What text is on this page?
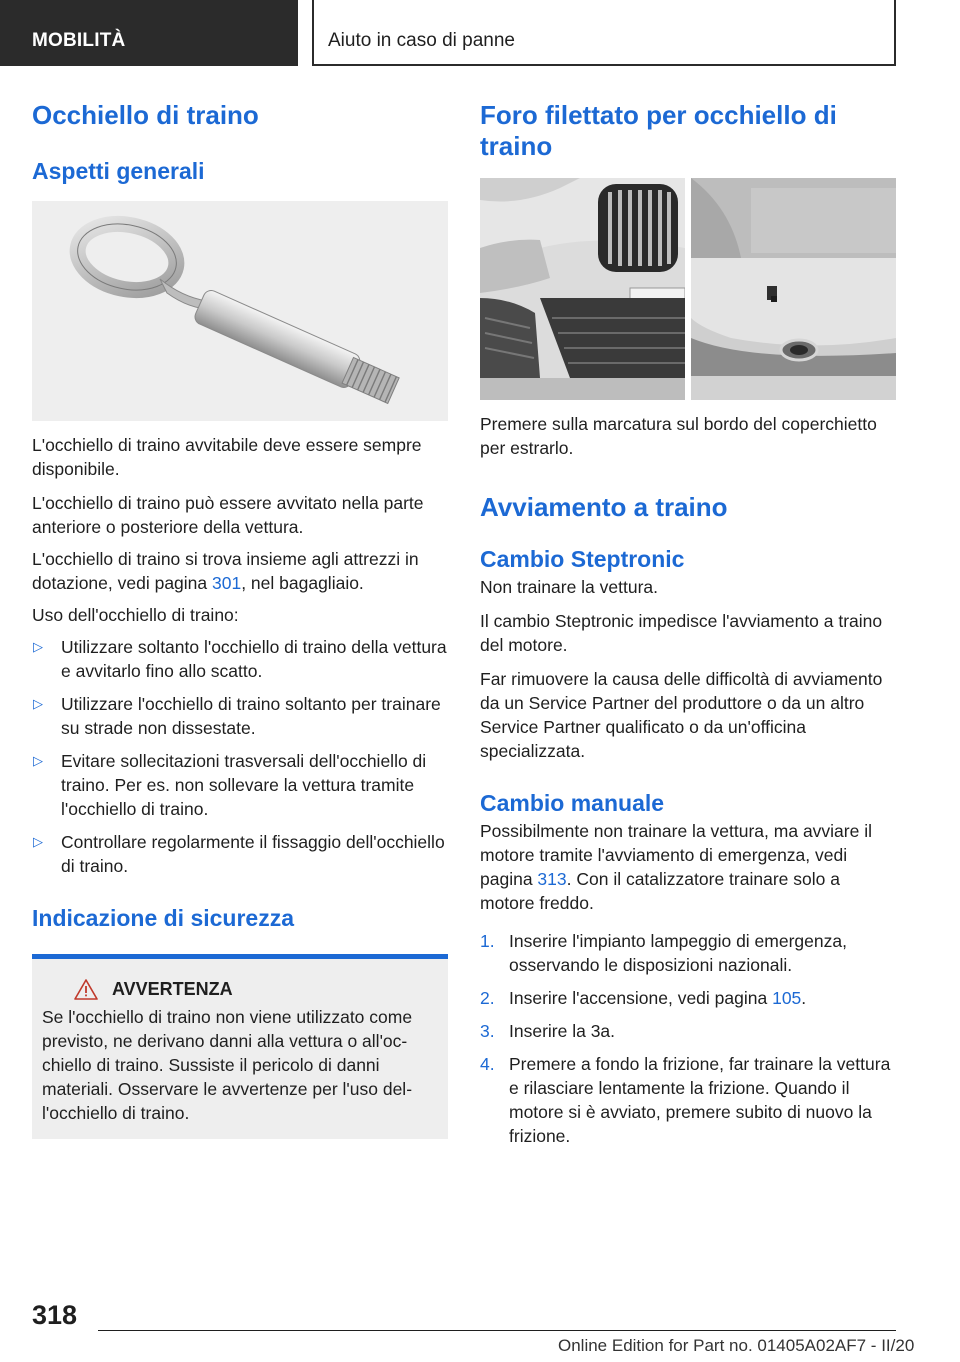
MOBILITÀ	Aiuto in caso di panne
Occhiello di traino
Aspetti generali

L'occhiello di traino avvitabile deve essere sempre disponibile.

L'occhiello di traino può essere avvitato nella parte anteriore o posteriore della vettura.

L'occhiello di traino si trova insieme agli attrezzi in dotazione, vedi pagina 301, nel bagagliaio.

Uso dell'occhiello di traino:

▷ Utilizzare soltanto l'occhiello di traino della vettura e avvitarlo fino allo scatto.
▷ Utilizzare l'occhiello di traino soltanto per trainare su strade non dissestate.
▷ Evitare sollecitazioni trasversali dell'occhiello di traino. Per es. non sollevare la vettura tramite l'occhiello di traino.
▷ Controllare regolarmente il fissaggio dell'occhiello di traino.
Indicazione di sicurezza
AVVERTENZA

Se l'occhiello di traino non viene utilizzato come previsto, ne derivano danni alla vettura o all'occhiello di traino. Sussiste il pericolo di danni materiali. Osservare le avvertenze per l'uso dell'occhiello di traino.

Foro filettato per occhiello di traino

Premere sulla marcatura sul bordo del coperchietto per estrarlo.

Avviamento a traino
Cambio Steptronic

Non trainare la vettura.

Il cambio Steptronic impedisce l'avviamento a traino del motore.

Far rimuovere la causa delle difficoltà di avviamento da un Service Partner del produttore o da un altro Service Partner qualificato o da un'officina specializzata.

Cambio manuale

Possibilmente non trainare la vettura, ma avviare il motore tramite l'avviamento di emergenza, vedi pagina 313. Con il catalizzatore trainare solo a motore freddo.

1. Inserire l'impianto lampeggio di emergenza, osservando le disposizioni nazionali.
2. Inserire l'accensione, vedi pagina 105.
3. Inserire la 3a.
4. Premere a fondo la frizione, far trainare la vettura e rilasciare lentamente la frizione. Quando il motore si è avviato, premere subito di nuovo la frizione.
318
Online Edition for Part no. 01405A02AF7 - II/20
